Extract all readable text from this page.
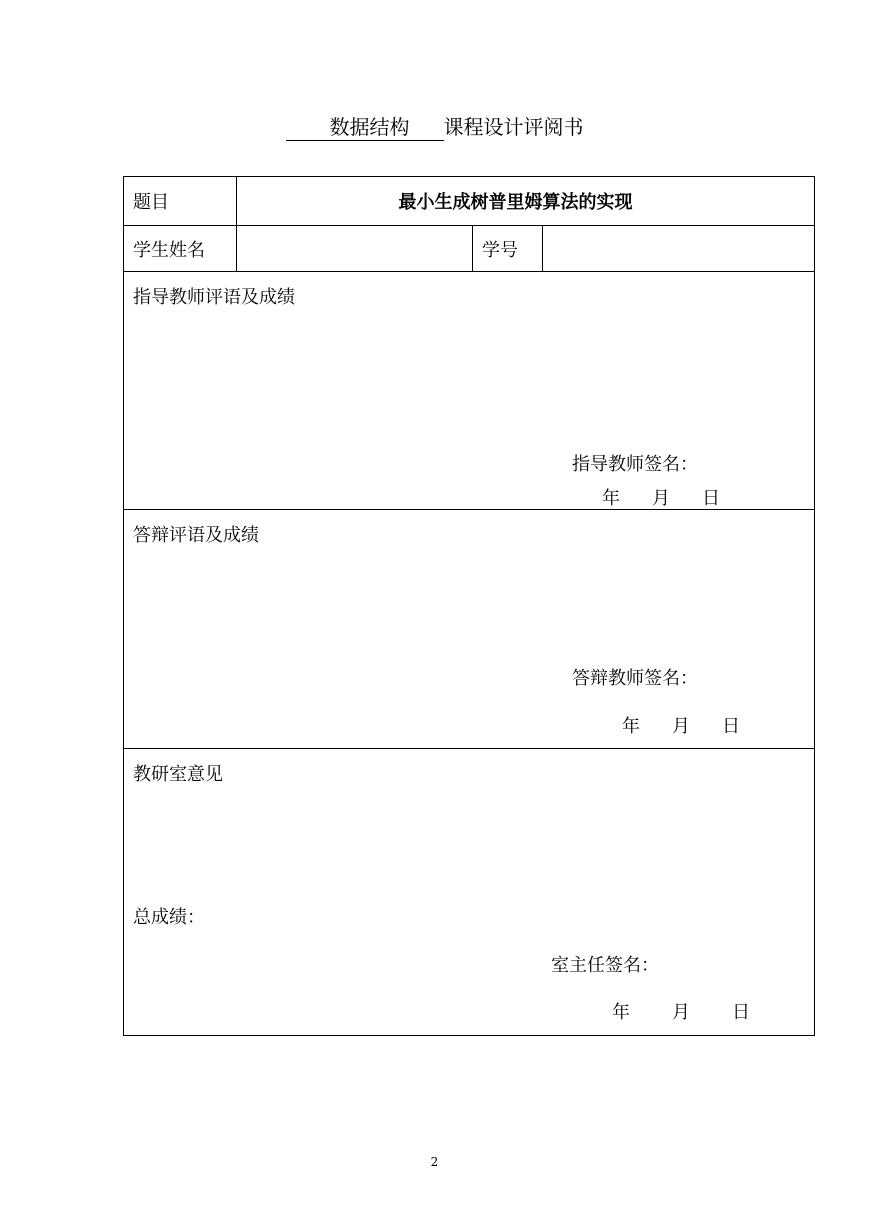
数据结构 课程设计评阅书
题目	最小生成树普里姆算法的实现		
学生姓名		学号	

指导教师评语及成绩
指导教师签名：
年 月 日			

答辩评语及成绩
答辩教师签名：
年 月 日			

教研室意见
总成绩：
室主任签名：
年 月 日			
2
